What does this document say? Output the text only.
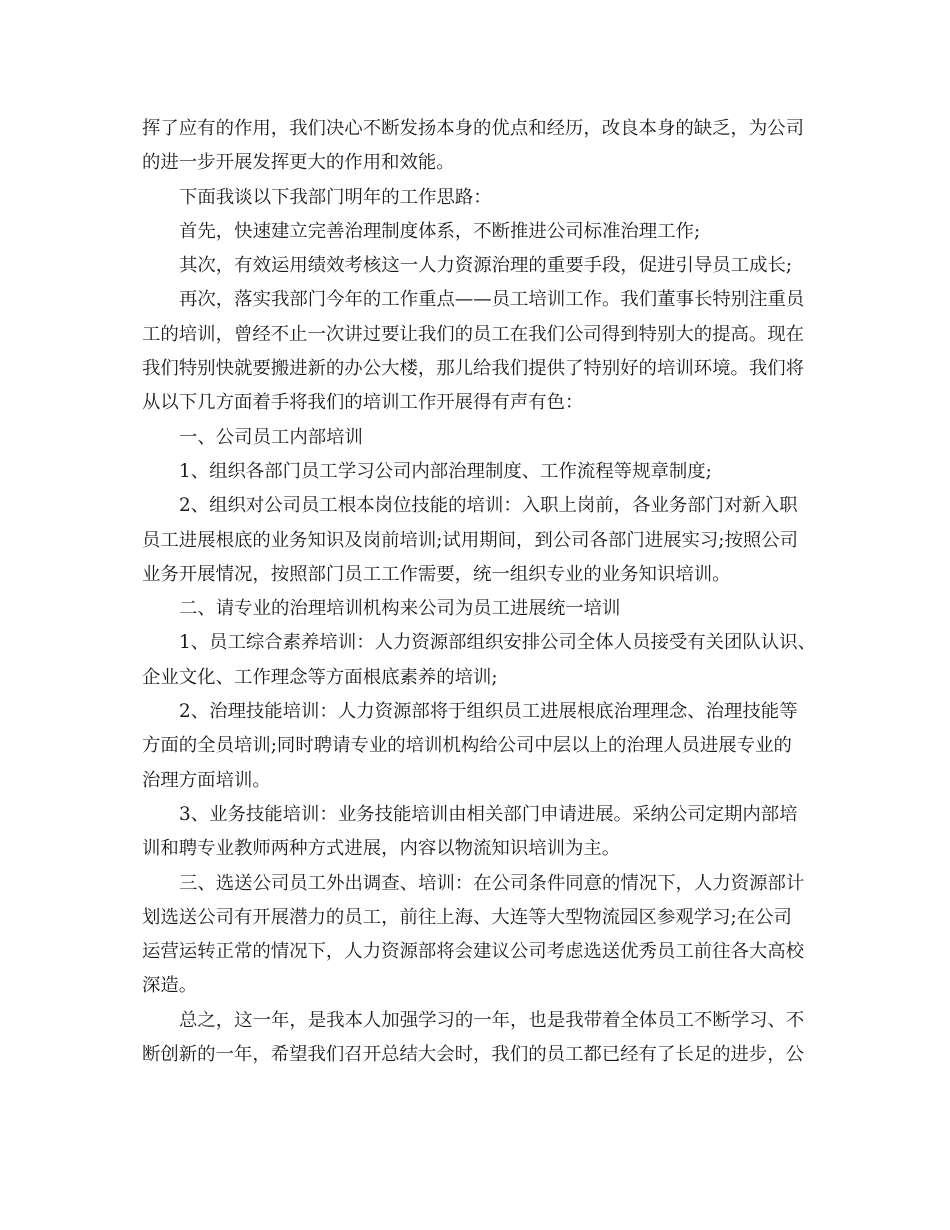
挥了应有的作用，我们决心不断发扬本身的优点和经历，改良本身的缺乏，为公司
的进一步开展发挥更大的作用和效能。
下面我谈以下我部门明年的工作思路：
首先，快速建立完善治理制度体系，不断推进公司标准治理工作;
其次，有效运用绩效考核这一人力资源治理的重要手段，促进引导员工成长;
再次，落实我部门今年的工作重点——员工培训工作。我们董事长特别注重员
工的培训，曾经不止一次讲过要让我们的员工在我们公司得到特别大的提高。现在
我们特别快就要搬进新的办公大楼，那儿给我们提供了特别好的培训环境。我们将
从以下几方面着手将我们的培训工作开展得有声有色：
一、公司员工内部培训
1、组织各部门员工学习公司内部治理制度、工作流程等规章制度;
2、组织对公司员工根本岗位技能的培训：入职上岗前，各业务部门对新入职
员工进展根底的业务知识及岗前培训;试用期间，到公司各部门进展实习;按照公司
业务开展情况，按照部门员工工作需要，统一组织专业的业务知识培训。
二、请专业的治理培训机构来公司为员工进展统一培训
1、员工综合素养培训：人力资源部组织安排公司全体人员接受有关团队认识、
企业文化、工作理念等方面根底素养的培训;
2、治理技能培训：人力资源部将于组织员工进展根底治理理念、治理技能等
方面的全员培训;同时聘请专业的培训机构给公司中层以上的治理人员进展专业的
治理方面培训。
3、业务技能培训：业务技能培训由相关部门申请进展。采纳公司定期内部培
训和聘专业教师两种方式进展，内容以物流知识培训为主。
三、选送公司员工外出调查、培训：在公司条件同意的情况下，人力资源部计
划选送公司有开展潜力的员工，前往上海、大连等大型物流园区参观学习;在公司
运营运转正常的情况下，人力资源部将会建议公司考虑选送优秀员工前往各大高校
深造。
总之，这一年，是我本人加强学习的一年，也是我带着全体员工不断学习、不
断创新的一年，希望我们召开总结大会时，我们的员工都已经有了长足的进步，公
